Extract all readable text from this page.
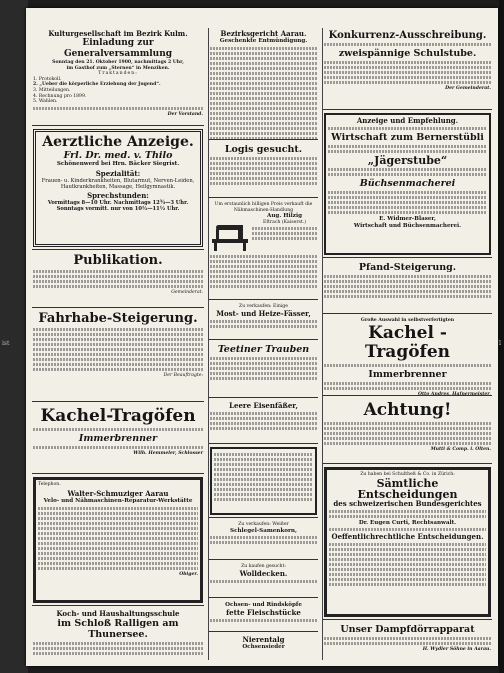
Kulturgesellschaft im Bezirk Kulm.
Einladung zur Generalversammlung
Sonntag den 21. Oktober 1900, nachmittags 2 Uhr,
im Gasthof zum „Sternen“ in Menziken.
Traktanden:
1. Protokoll.
2. „Ueber die körperliche Erziehung der Jugend“.
3. Mitteilungen.
4. Rechnung pro 1899.
5. Wahlen.
Der Vorstand.
Aerztliche Anzeige.
Frl. Dr. med. v. Thilo
Schönenwerd bei Hrn. Bäcker Siegrist.
Spezialität:
Frauen- u. Kinderkrankheiten, Blutarmut, Nerven-Leiden, Hautkrankheiten, Massage, Heilgymnastik.
Sprechstunden:
Vormittags 8—10 Uhr. Nachmittags 12¾—3 Uhr. Sonntags vormitt. nur von 10½—11½ Uhr.
Publikation.
Gemeinderat.
Fahrhabe-Steigerung.
Der Beauftragte:
Kachel-Tragöfen
Immerbrenner
Wilh. Hemmeler, Schlosser
Telephon.
Walter-Schmuziger Aarau
Velo- und Nähmaschinen-Reparatur-Werkstätte
Obiger.
Koch- und Haushaltungsschule
im Schloß Ralligen am Thunersee.
Bezirksgericht Aarau.
Geschenkte Entmündigung.
Logis gesucht.
Um erstaunlich billigen Preis verkauft die Nähmaschinen-Handlung
Aug. Hilzig
Eftrach (Kaiserst.)
Zu verkaufen: Einige
Most- und Heize-Fässer,
Teetiner Trauben
Leere Eisenfäßer,
Zu verkaufen: Weißer
Schlegel-Samenkorn,
Zu kaufen gesucht:
Wolldecken.
Ochsen- und Rindsköpfe
fette Fleischstücke
Nierentalg
Ochsensieder
Konkurrenz-Ausschreibung.
zweispännige Schulstube.
Der Gemeinderat.
Anzeige und Empfehlung.
Wirtschaft zum Bernerstübli
„Jägerstube“
Büchsenmacherei
E. Widmer-Blaser,
Wirtschaft und Büchsenmacherei.
Pfand-Steigerung.
Große Auswahl in selbstverfertigten
Kachel - Tragöfen
Immerbrenner
Otto Andres, Hafnermeister,
Achtung!
Mutti & Comp. i. Olten.
Zu haben bei Schultheß & Co. in Zürich:
Sämtliche Entscheidungen
des schweizerischen Bundesgerichtes
Dr. Eugen Curti, Rechtsanwalt.
Oeffentlichrechtliche Entscheidungen.
Unser Dampfdörrapparat
H. Wydler Söhne in Aarau.
ist	1
